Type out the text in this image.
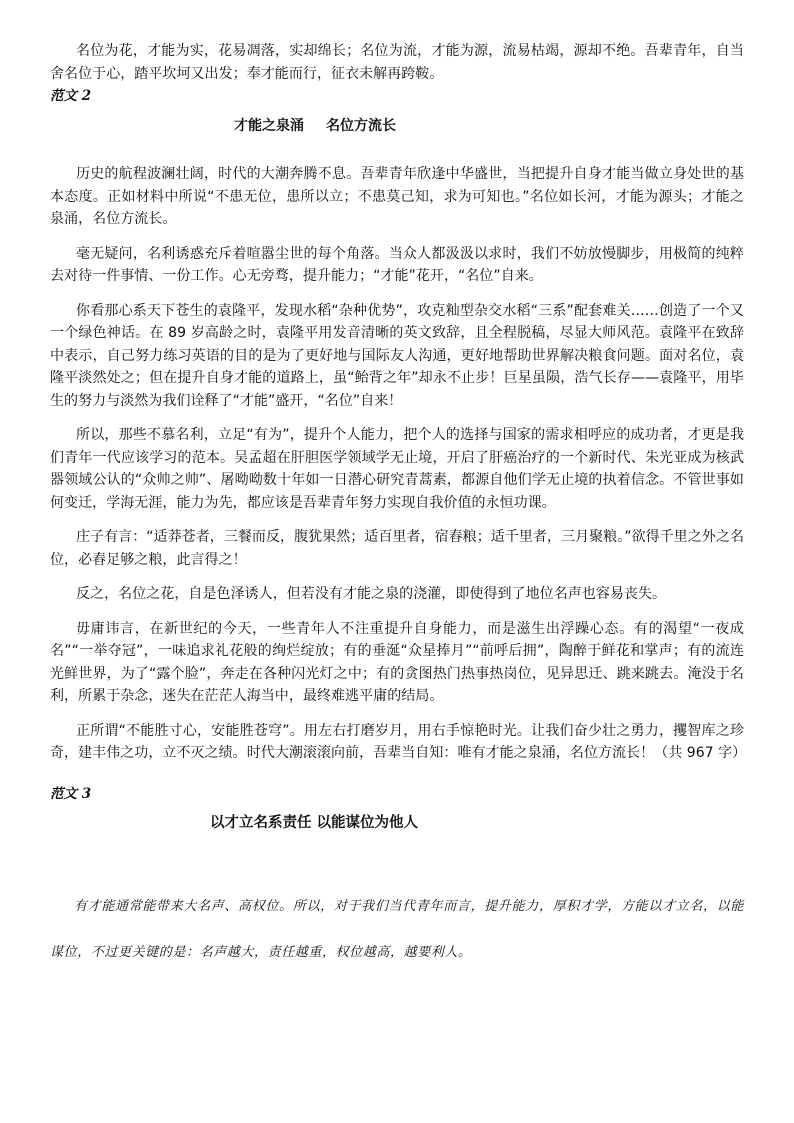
名位为花，才能为实，花易凋落，实却绵长；名位为流，才能为源，流易枯竭，源却不绝。吾辈青年，自当舍名位于心，踏平坎坷又出发；奉才能而行，征衣未解再跨鞍。

范文 2

才能之泉涌 名位方流长

历史的航程波澜壮阔，时代的大潮奔腾不息。吾辈青年欣逢中华盛世，当把提升自身才能当做立身处世的基本态度。正如材料中所说“不患无位，患所以立；不患莫己知，求为可知也。”名位如长河，才能为源头；才能之泉涌，名位方流长。

毫无疑问，名利诱惑充斥着喧嚣尘世的每个角落。当众人都汲汲以求时，我们不妨放慢脚步，用极简的纯粹去对待一件事情、一份工作。心无旁骛，提升能力；“才能”花开，“名位”自来。

你看那心系天下苍生的袁隆平，发现水稻“杂种优势”，攻克籼型杂交水稻“三系”配套难关……创造了一个又一个绿色神话。在 89 岁高龄之时，袁隆平用发音清晰的英文致辞，且全程脱稿，尽显大师风范。袁隆平在致辞中表示，自己努力练习英语的目的是为了更好地与国际友人沟通，更好地帮助世界解决粮食问题。面对名位，袁隆平淡然处之；但在提升自身才能的道路上，虽“鲐背之年”却永不止步！巨星虽陨，浩气长存——袁隆平，用毕生的努力与淡然为我们诠释了“才能”盛开，“名位”自来！

所以，那些不慕名利，立足“有为”，提升个人能力，把个人的选择与国家的需求相呼应的成功者，才更是我们青年一代应该学习的范本。吴孟超在肝胆医学领域学无止境，开启了肝癌治疗的一个新时代、朱光亚成为核武器领域公认的“众帅之帅”、屠呦呦数十年如一日潜心研究青蒿素，都源自他们学无止境的执着信念。不管世事如何变迁，学海无涯，能力为先，都应该是吾辈青年努力实现自我价值的永恒功课。

庄子有言：“适莽苍者，三餐而反，腹犹果然；适百里者，宿舂粮；适千里者，三月聚粮。”欲得千里之外之名位，必舂足够之粮，此言得之！

反之，名位之花，自是色泽诱人，但若没有才能之泉的浇灌，即使得到了地位名声也容易丧失。

毋庸讳言，在新世纪的今天，一些青年人不注重提升自身能力，而是滋生出浮躁心态。有的渴望“一夜成名”“一举夺冠”，一味追求礼花般的绚烂绽放；有的垂涎“众星捧月”“前呼后拥”，陶醉于鲜花和掌声；有的流连光鲜世界，为了“露个脸”，奔走在各种闪光灯之中；有的贪图热门热事热岗位，见异思迁、跳来跳去。淹没于名利，所累于杂念，迷失在茫茫人海当中，最终难逃平庸的结局。

正所谓“不能胜寸心，安能胜苍穹”。用左右打磨岁月，用右手惊艳时光。让我们奋少壮之勇力，攫智库之珍奇，建丰伟之功，立不灭之绩。时代大潮滚滚向前，吾辈当自知：唯有才能之泉涌，名位方流长！（共 967 字）

范文 3

以才立名系责任 以能谋位为他人

有才能通常能带来大名声、高权位。所以，对于我们当代青年而言，提升能力，厚积才学，方能以才立名，以能谋位，不过更关键的是：名声越大，责任越重，权位越高，越要利人。
